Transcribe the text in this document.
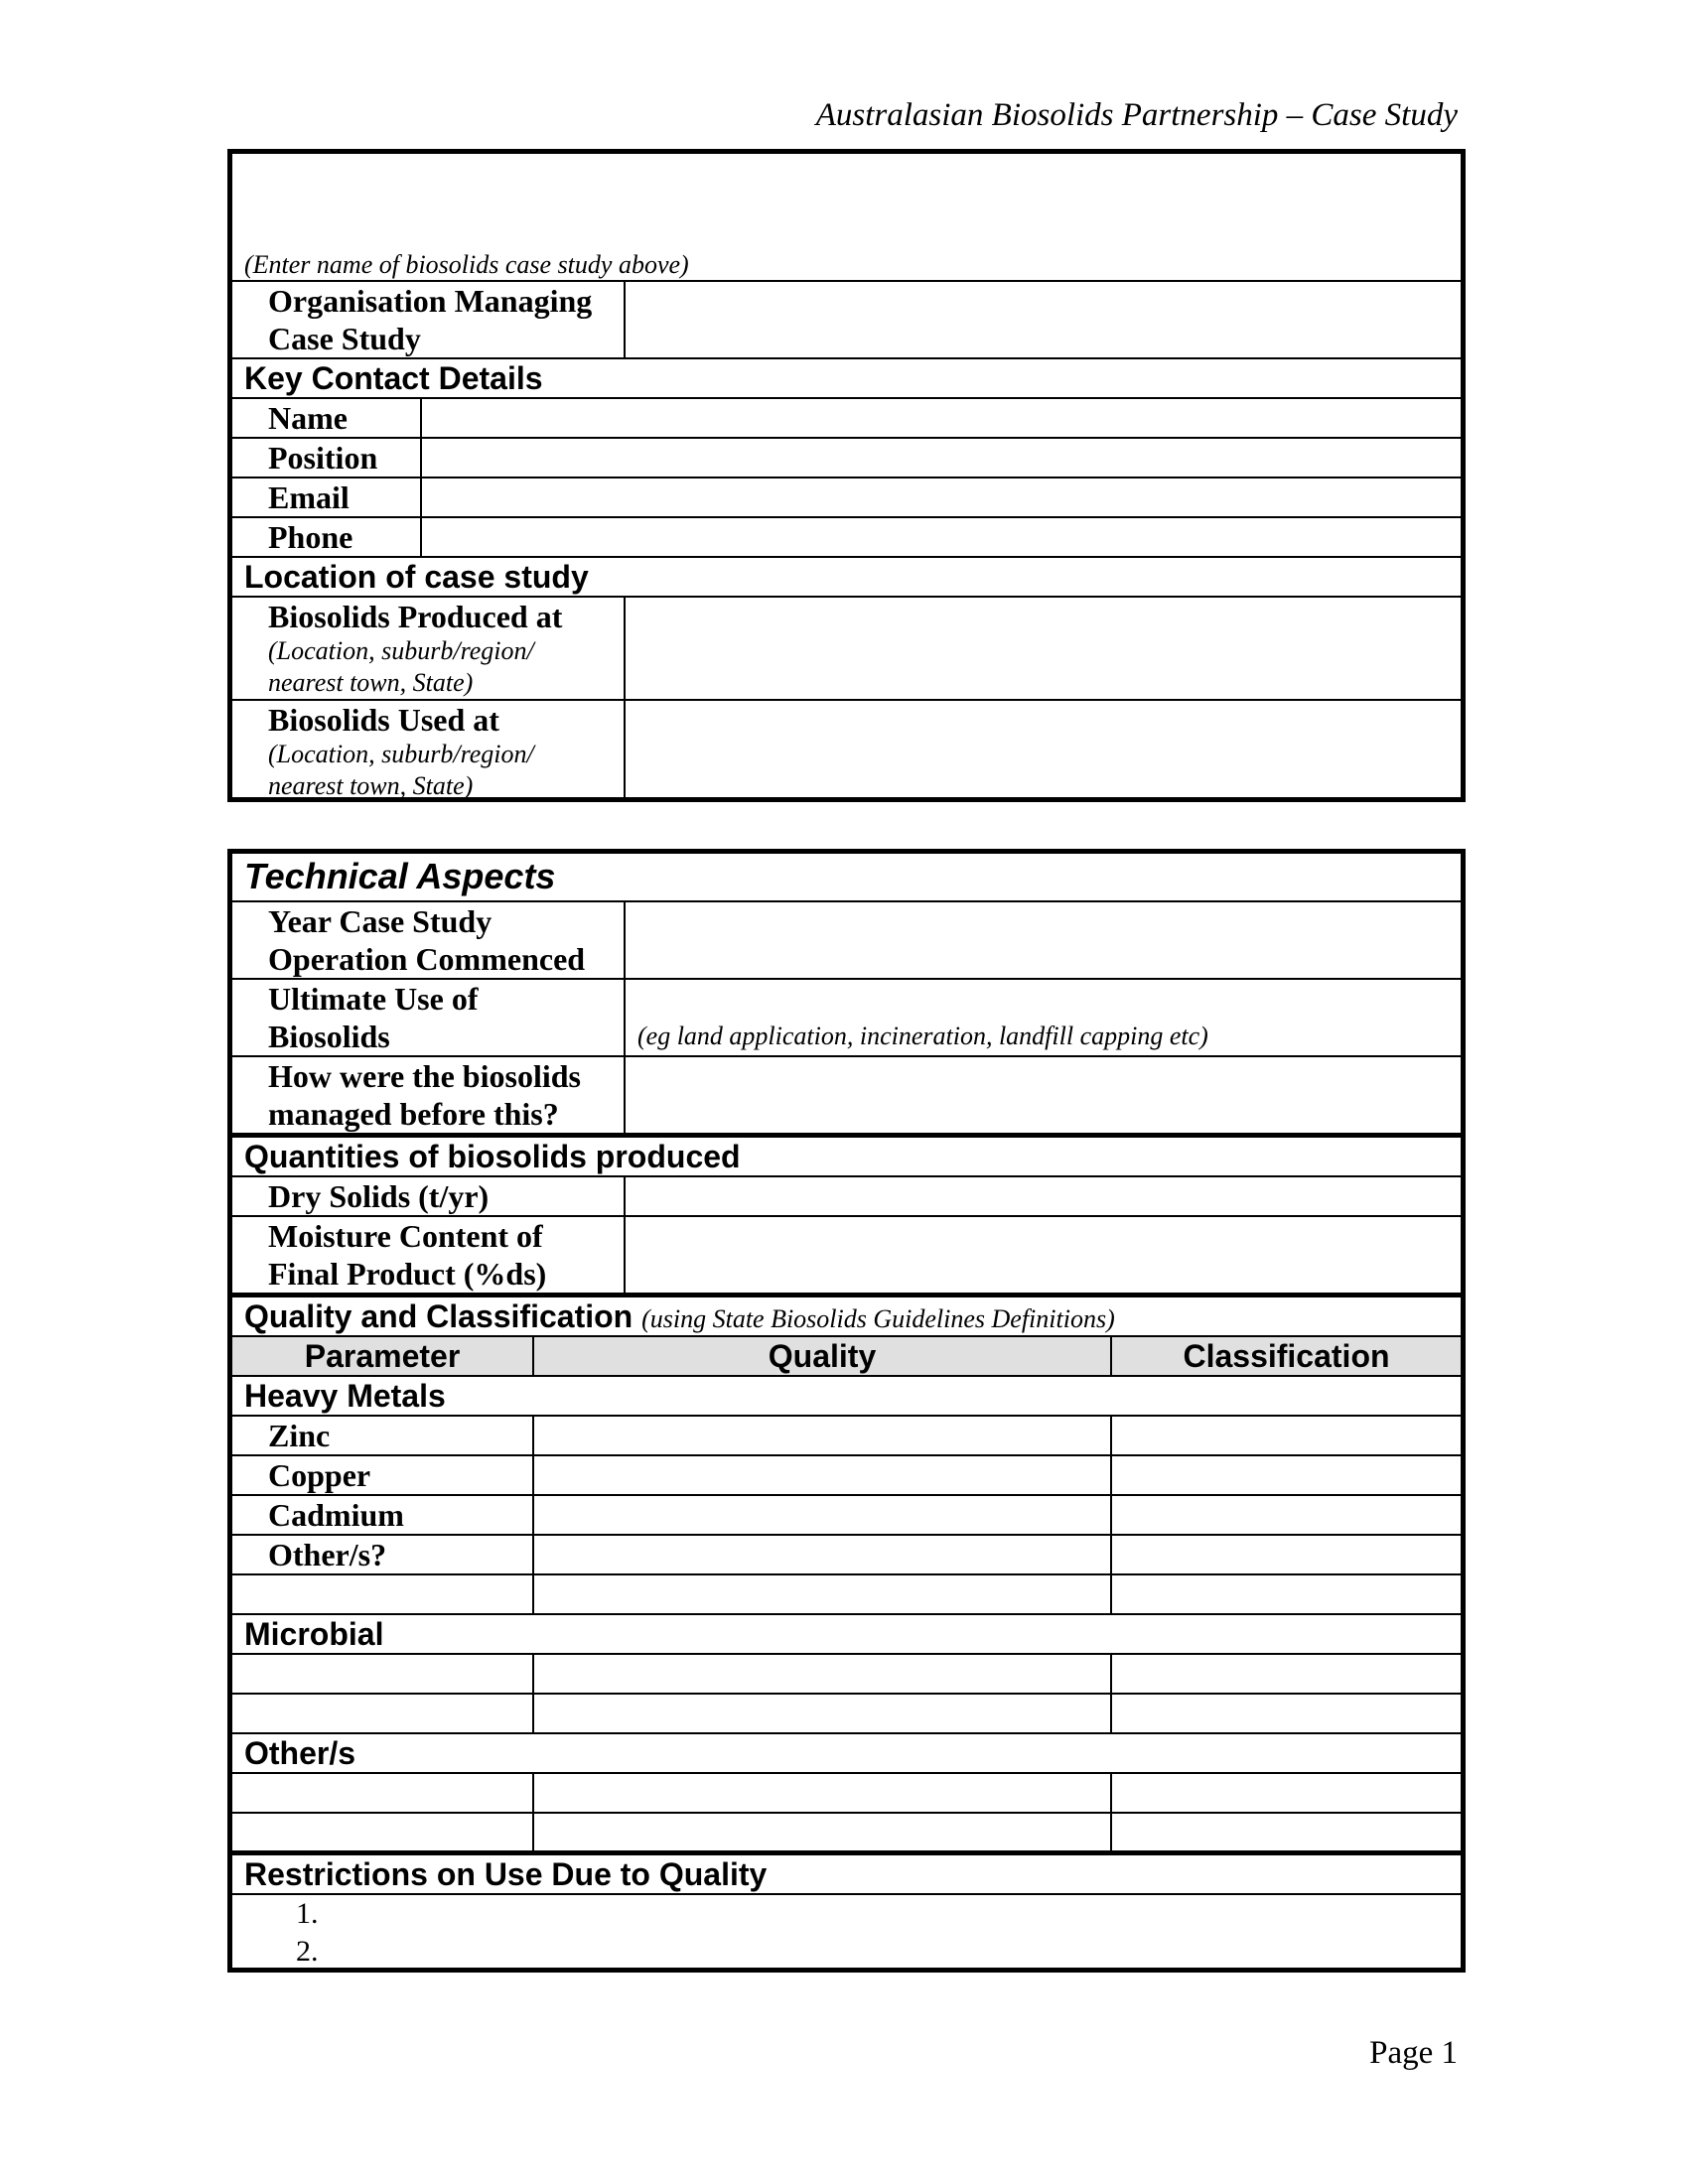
Australasian Biosolids Partnership – Case Study
(Enter name of biosolids case study above)		
Organisation Managing Case Study		
Key Contact Details		
Name		
Position		
Email		
Phone		
Location of case study		

Biosolids Produced at
(Location, suburb/region/ nearest town, State)		

Biosolids Used at
(Location, suburb/region/ nearest town, State)		

Technical Aspects			
Year Case Study Operation Commenced			
Ultimate Use of Biosolids		(eg land application, incineration, landfill capping etc)	
How were the biosolids managed before this?			
Quantities of biosolids produced			
Dry Solids (t/yr)			
Moisture Content of Final Product (%ds)			
Quality and Classification (using State Biosolids Guidelines Definitions)			
Parameter	Quality		Classification
Heavy Metals			
Zinc			
Copper			
Cadmium			
Other/s?			

Microbial			

Other/s			

Restrictions on Use Due to Quality			

1.
2.			
Page 1
